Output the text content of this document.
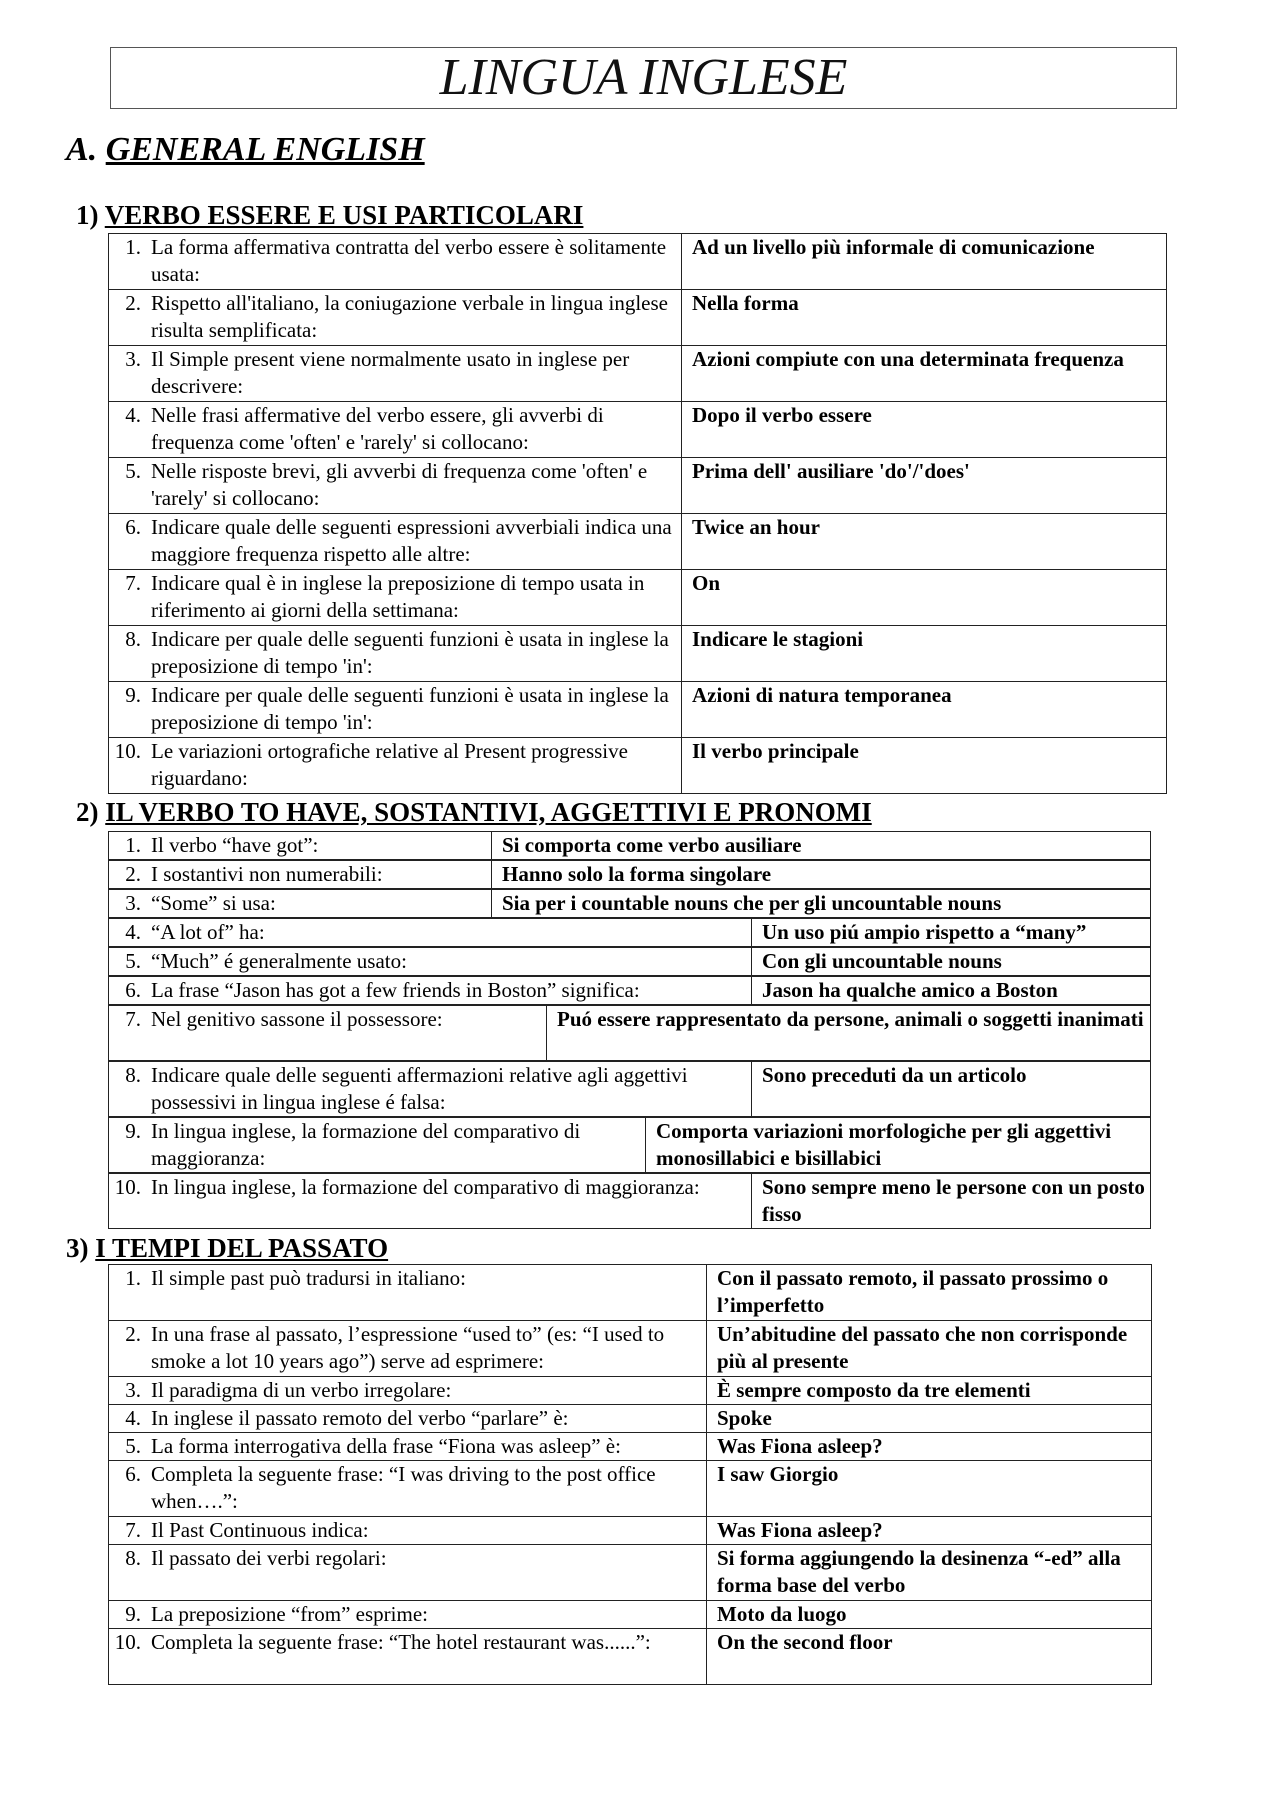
LINGUA INGLESE
A. GENERAL ENGLISH
1) VERBO ESSERE E USI PARTICOLARI
1. La forma affermativa contratta del verbo essere è solitamente usata:	Ad un livello più informale di comunicazione

2. Rispetto all'italiano, la coniugazione verbale in lingua inglese risulta semplificata:	Nella forma

3. Il Simple present viene normalmente usato in inglese per descrivere:	Azioni compiute con una determinata frequenza

4. Nelle frasi affermative del verbo essere, gli avverbi di frequenza come 'often' e 'rarely' si collocano:	Dopo il verbo essere

5. Nelle risposte brevi, gli avverbi di frequenza come 'often' e 'rarely' si collocano:	Prima dell' ausiliare 'do'/'does'

6. Indicare quale delle seguenti espressioni avverbiali indica una maggiore frequenza rispetto alle altre:	Twice an hour

7. Indicare qual è in inglese la preposizione di tempo usata in riferimento ai giorni della settimana:	On

8. Indicare per quale delle seguenti funzioni è usata in inglese la preposizione di tempo 'in':	Indicare le stagioni

9. Indicare per quale delle seguenti funzioni è usata in inglese la preposizione di tempo 'in':	Azioni di natura temporanea

10. Le variazioni ortografiche relative al Present progressive riguardano:	Il verbo principale
2) IL VERBO TO HAVE, SOSTANTIVI, AGGETTIVI E PRONOMI
1. Il verbo “have got”:	Si comporta come verbo ausiliare

2. I sostantivi non numerabili:	Hanno solo la forma singolare

3. “Some” si usa:	Sia per i countable nouns che per gli uncountable nouns

4. “A lot of” ha:	Un uso piú ampio rispetto a “many”

5. “Much” é generalmente usato:	Con gli uncountable nouns

6. La frase “Jason has got a few friends in Boston” significa:	Jason ha qualche amico a Boston

7. Nel genitivo sassone il possessore:	Puó essere rappresentato da persone, animali o soggetti inanimati

8. Indicare quale delle seguenti affermazioni relative agli aggettivi possessivi in lingua inglese é falsa:
	Sono preceduti da un articolo

9. In lingua inglese, la formazione del comparativo di maggioranza:
	Comporta variazioni morfologiche per gli aggettivi monosillabici e bisillabici

10. In lingua inglese, la formazione del comparativo di maggioranza:	Sono sempre meno le persone con un posto fisso
3) I TEMPI DEL PASSATO
1. Il simple past può tradursi in italiano:	Con il passato remoto, il passato prossimo o l’imperfetto

2. In una frase al passato, l’espressione “used to” (es: “I used to smoke a lot 10 years ago”) serve ad esprimere:	Un’abitudine del passato che non corrisponde più al presente

3. Il paradigma di un verbo irregolare:	È sempre composto da tre elementi

4. In inglese il passato remoto del verbo “parlare” è:	Spoke

5. La forma interrogativa della frase “Fiona was asleep” è:	Was Fiona asleep?

6. Completa la seguente frase: “I was driving to the post office when….”:	I saw Giorgio

7. Il Past Continuous indica:	Was Fiona asleep?

8. Il passato dei verbi regolari:	Si forma aggiungendo la desinenza “-ed” alla forma base del verbo

9. La preposizione “from” esprime:	Moto da luogo

10. Completa la seguente frase: “The hotel restaurant was......”:	On the second floor
